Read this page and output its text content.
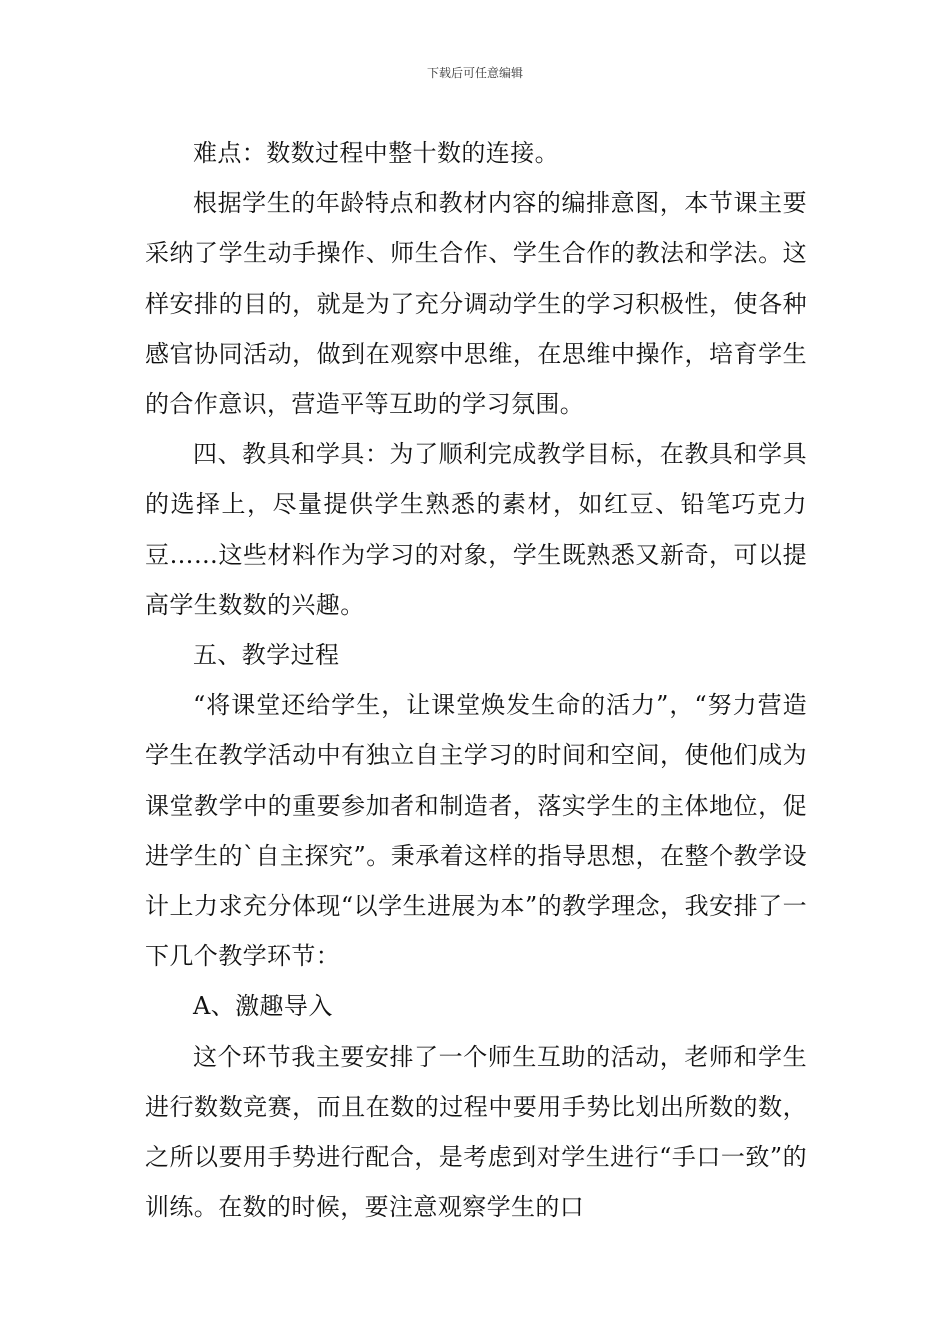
下载后可任意编辑

难点：数数过程中整十数的连接。

根据学生的年龄特点和教材内容的编排意图，本节课主要采纳了学生动手操作、师生合作、学生合作的教法和学法。这样安排的目的，就是为了充分调动学生的学习积极性，使各种感官协同活动，做到在观察中思维，在思维中操作，培育学生的合作意识，营造平等互助的学习氛围。

四、教具和学具：为了顺利完成教学目标，在教具和学具的选择上，尽量提供学生熟悉的素材，如红豆、铅笔巧克力豆……这些材料作为学习的对象，学生既熟悉又新奇，可以提高学生数数的兴趣。

五、教学过程

“将课堂还给学生，让课堂焕发生命的活力”，“努力营造学生在教学活动中有独立自主学习的时间和空间，使他们成为课堂教学中的重要参加者和制造者，落实学生的主体地位，促进学生的`自主探究”。秉承着这样的指导思想，在整个教学设计上力求充分体现“以学生进展为本”的教学理念，我安排了一下几个教学环节：

A、激趣导入

这个环节我主要安排了一个师生互助的活动，老师和学生进行数数竞赛，而且在数的过程中要用手势比划出所数的数，之所以要用手势进行配合，是考虑到对学生进行“手口一致”的训练。在数的时候，要注意观察学生的口
